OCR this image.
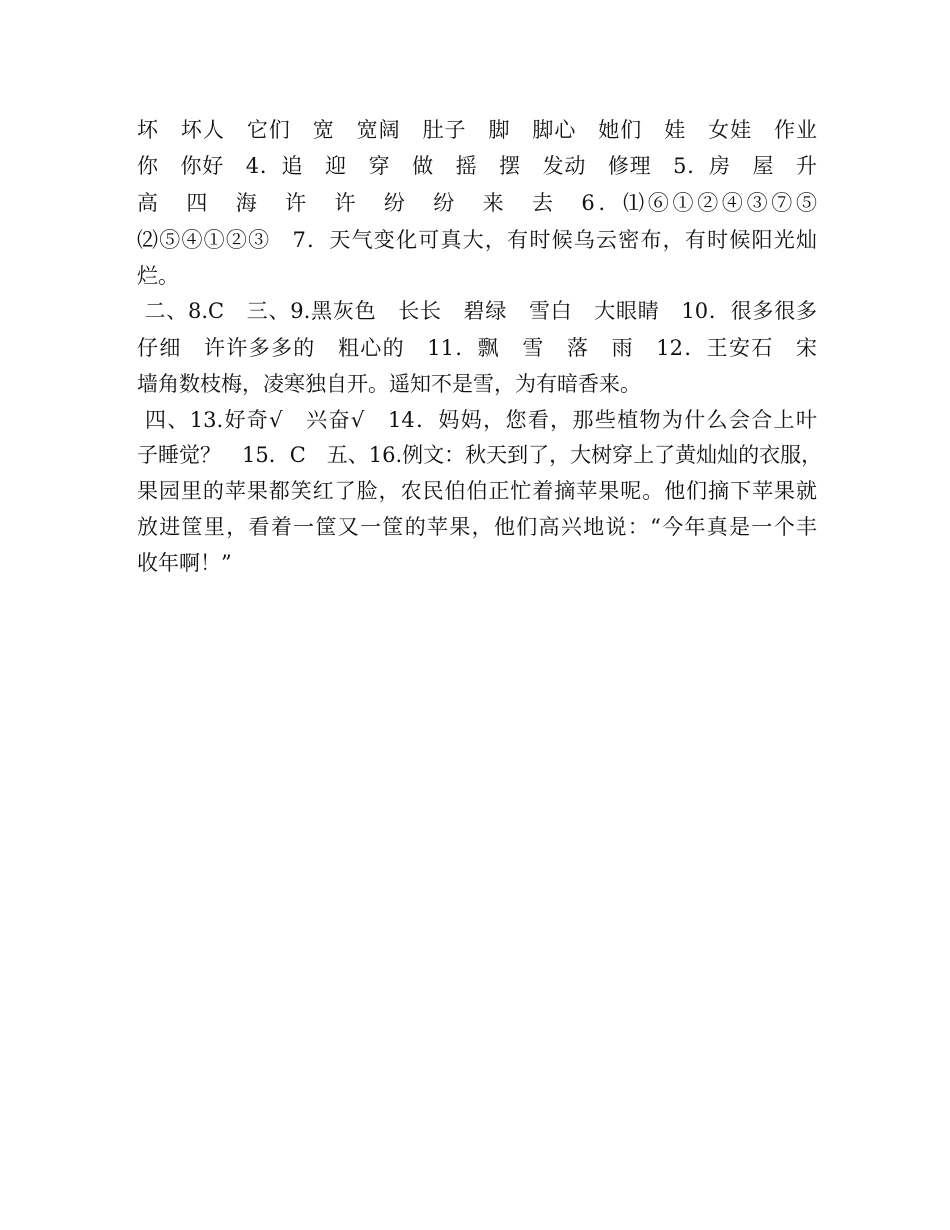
坏　坏人　它们　宽　宽阔　肚子　脚　脚心　她们　娃　女娃　作业
你　你好　4．追　迎　穿　做　摇　摆　发动　修理　5．房　屋　升
高　四　海　许　许　纷　纷　来　去　6．⑴⑥①②④③⑦⑤
⑵⑤④①②③　7．天气变化可真大，有时候乌云密布，有时候阳光灿
烂。
二、8.C　三、9.黑灰色　长长　碧绿　雪白　大眼睛　10．很多很多
仔细　许许多多的　粗心的　11．飘　雪　落　雨　12．王安石　宋
墙角数枝梅，凌寒独自开。遥知不是雪，为有暗香来。
四、13.好奇√　兴奋√　14．妈妈，您看，那些植物为什么会合上叶
子睡觉？　15．C　五、16.例文：秋天到了，大树穿上了黄灿灿的衣服，
果园里的苹果都笑红了脸，农民伯伯正忙着摘苹果呢。他们摘下苹果就
放进筐里，看着一筐又一筐的苹果，他们高兴地说：“今年真是一个丰
收年啊！”
